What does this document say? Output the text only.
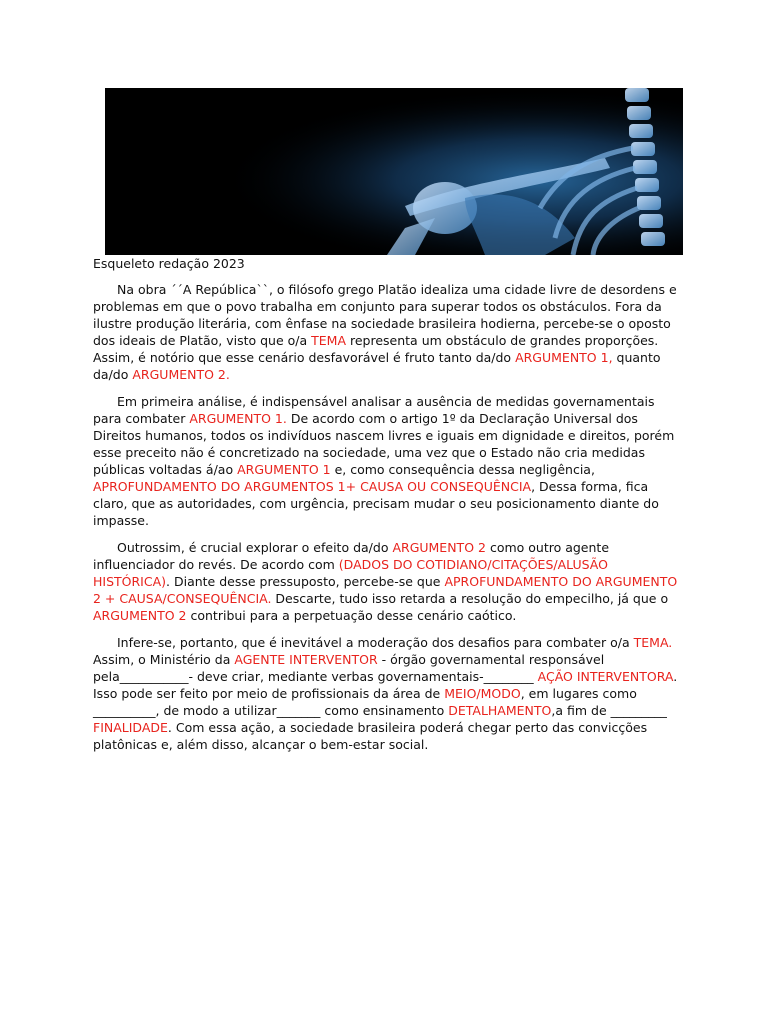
Esqueleto redação 2023

Na obra ´´A República``, o filósofo grego Platão idealiza uma cidade livre de desordens e problemas em que o povo trabalha em conjunto para superar todos os obstáculos. Fora da ilustre produção literária, com ênfase na sociedade brasileira hodierna, percebe-se o oposto dos ideais de Platão, visto que o/a TEMA representa um obstáculo de grandes proporções. Assim, é notório que esse cenário desfavorável é fruto tanto da/do ARGUMENTO 1, quanto da/do ARGUMENTO 2.

Em primeira análise, é indispensável analisar a ausência de medidas governamentais para combater ARGUMENTO 1. De acordo com o artigo 1º da Declaração Universal dos Direitos humanos, todos os indivíduos nascem livres e iguais em dignidade e direitos, porém esse preceito não é concretizado na sociedade, uma vez que o Estado não cria medidas públicas voltadas á/ao ARGUMENTO 1 e, como consequência dessa negligência, APROFUNDAMENTO DO ARGUMENTOS 1+ CAUSA OU CONSEQUÊNCIA, Dessa forma, fica claro, que as autoridades, com urgência, precisam mudar o seu posicionamento diante do impasse.

Outrossim, é crucial explorar o efeito da/do ARGUMENTO 2 como outro agente influenciador do revés. De acordo com (DADOS DO COTIDIANO/CITAÇÕES/ALUSÃO HISTÓRICA). Diante desse pressuposto, percebe-se que APROFUNDAMENTO DO ARGUMENTO 2 + CAUSA/CONSEQUÊNCIA. Descarte, tudo isso retarda a resolução do empecilho, já que o ARGUMENTO 2 contribui para a perpetuação desse cenário caótico.

Infere-se, portanto, que é inevitável a moderação dos desafios para combater o/a TEMA. Assim, o Ministério da AGENTE INTERVENTOR - órgão governamental responsável pela___________- deve criar, mediante verbas governamentais-________ AÇÃO INTERVENTORA. Isso pode ser feito por meio de profissionais da área de MEIO/MODO, em lugares como __________, de modo a utilizar_______ como ensinamento DETALHAMENTO,a fim de _________ FINALIDADE. Com essa ação, a sociedade brasileira poderá chegar perto das convicções platônicas e, além disso, alcançar o bem-estar social.
